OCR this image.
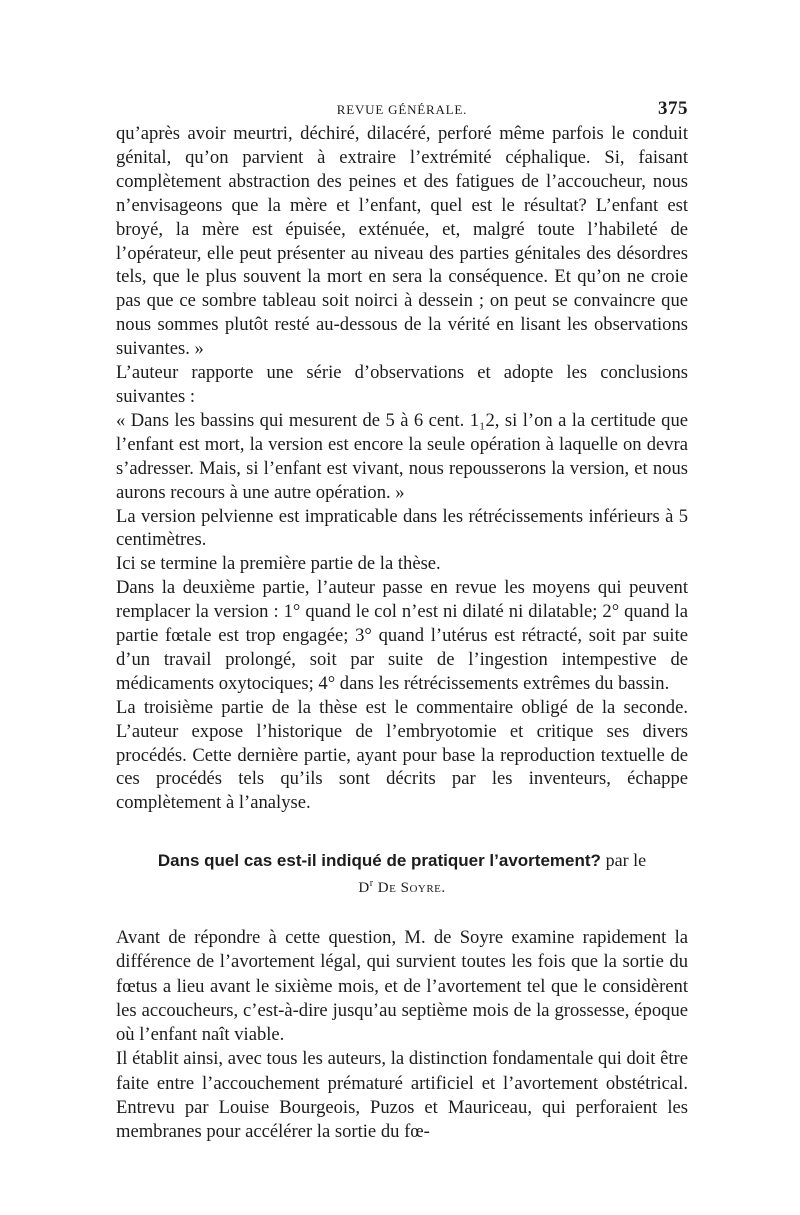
REVUE GÉNÉRALE.	375

qu’après avoir meurtri, déchiré, dilacéré, perforé même parfois le conduit génital, qu’on parvient à extraire l’extrémité céphalique. Si, faisant complètement abstraction des peines et des fatigues de l’accoucheur, nous n’envisageons que la mère et l’enfant, quel est le résultat? L’enfant est broyé, la mère est épuisée, exténuée, et, malgré toute l’habileté de l’opérateur, elle peut présenter au niveau des parties génitales des désordres tels, que le plus souvent la mort en sera la conséquence. Et qu’on ne croie pas que ce sombre tableau soit noirci à dessein ; on peut se convaincre que nous sommes plutôt resté au-dessous de la vérité en lisant les observations suivantes. »

L’auteur rapporte une série d’observations et adopte les conclusions suivantes :

« Dans les bassins qui mesurent de 5 à 6 cent. 1₁2, si l’on a la certitude que l’enfant est mort, la version est encore la seule opération à laquelle on devra s’adresser. Mais, si l’enfant est vivant, nous repousserons la version, et nous aurons recours à une autre opération. »

La version pelvienne est impraticable dans les rétrécissements inférieurs à 5 centimètres.

Ici se termine la première partie de la thèse.

Dans la deuxième partie, l’auteur passe en revue les moyens qui peuvent remplacer la version : 1° quand le col n’est ni dilaté ni dilatable; 2° quand la partie fœtale est trop engagée; 3° quand l’utérus est rétracté, soit par suite d’un travail prolongé, soit par suite de l’ingestion intempestive de médicaments oxytociques; 4° dans les rétrécissements extrêmes du bassin.

La troisième partie de la thèse est le commentaire obligé de la seconde. L’auteur expose l’historique de l’embryotomie et critique ses divers procédés. Cette dernière partie, ayant pour base la reproduction textuelle de ces procédés tels qu’ils sont décrits par les inventeurs, échappe complètement à l’analyse.

Dans quel cas est-il indiqué de pratiquer l’avortement? par le
$D^r$ De Soyre.

Avant de répondre à cette question, M. de Soyre examine rapidement la différence de l’avortement légal, qui survient toutes les fois que la sortie du fœtus a lieu avant le sixième mois, et de l’avortement tel que le considèrent les accoucheurs, c’est-à-dire jusqu’au septième mois de la grossesse, époque où l’enfant naît viable.

Il établit ainsi, avec tous les auteurs, la distinction fondamentale qui doit être faite entre l’accouchement prématuré artificiel et l’avortement obstétrical. Entrevu par Louise Bourgeois, Puzos et Mauriceau, qui perforaient les membranes pour accélérer la sortie du fœ-
